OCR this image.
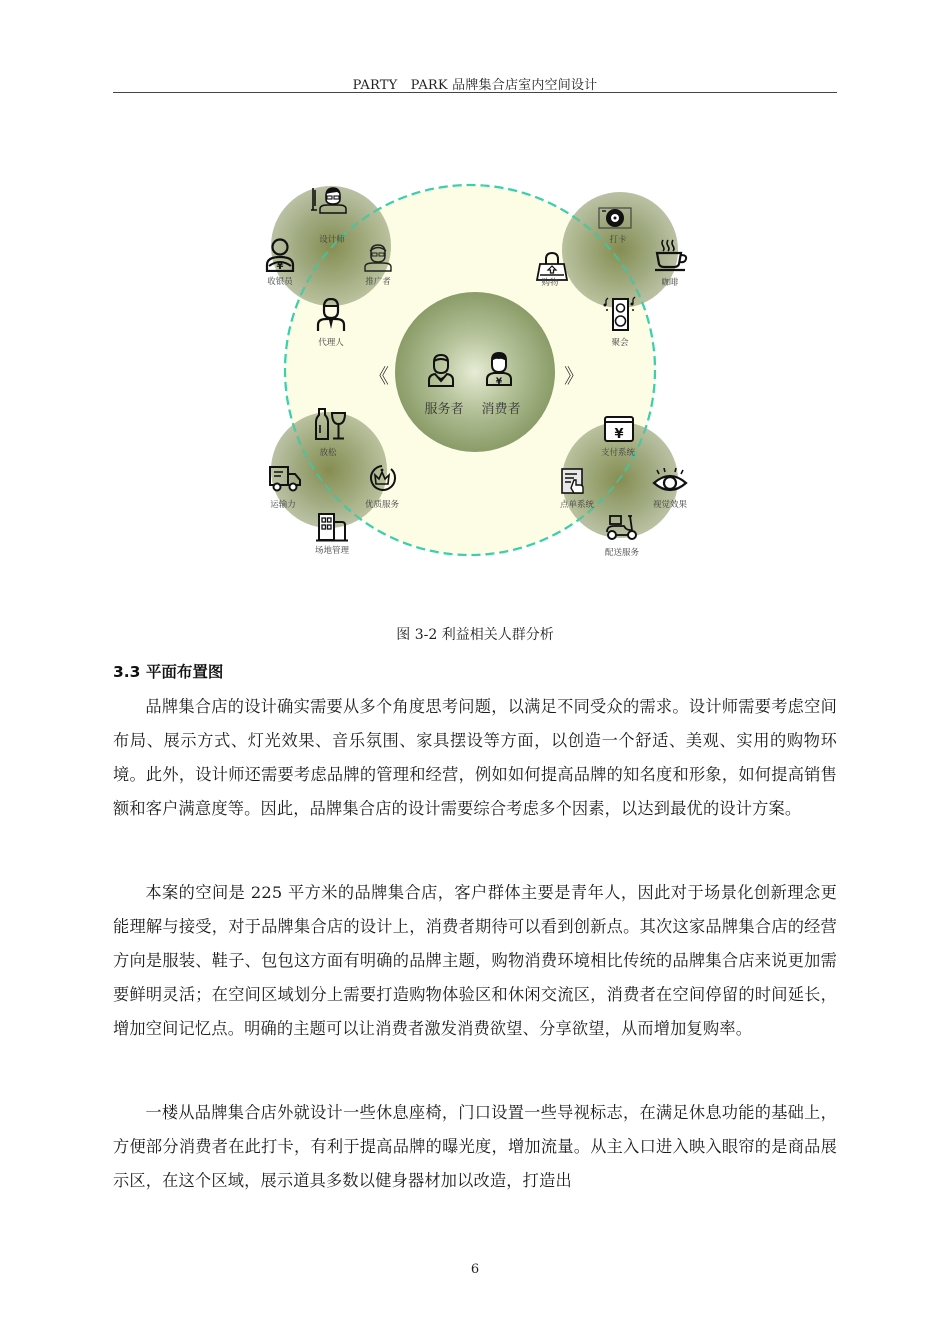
PARTY　PARK 品牌集合店室内空间设计
¥
服务者 消费者
《	》
设计师
¥
收银员	推广者
代理人
打卡
购物	咖啡
聚会
放松
运输力	优质服务
场地管理
¥
支付系统
点单系统	视觉效果
配送服务
图 3-2 利益相关人群分析
3.3 平面布置图
品牌集合店的设计确实需要从多个角度思考问题，以满足不同受众的需求。设计师需要考虑空间布局、展示方式、灯光效果、音乐氛围、家具摆设等方面，以创造一个舒适、美观、实用的购物环境。此外，设计师还需要考虑品牌的管理和经营，例如如何提高品牌的知名度和形象，如何提高销售额和客户满意度等。因此，品牌集合店的设计需要综合考虑多个因素，以达到最优的设计方案。
本案的空间是 225 平方米的品牌集合店，客户群体主要是青年人，因此对于场景化创新理念更能理解与接受，对于品牌集合店的设计上，消费者期待可以看到创新点。其次这家品牌集合店的经营方向是服装、鞋子、包包这方面有明确的品牌主题，购物消费环境相比传统的品牌集合店来说更加需要鲜明灵活；在空间区域划分上需要打造购物体验区和休闲交流区，消费者在空间停留的时间延长，增加空间记忆点。明确的主题可以让消费者激发消费欲望、分享欲望，从而增加复购率。
一楼从品牌集合店外就设计一些休息座椅，门口设置一些导视标志，在满足休息功能的基础上，方便部分消费者在此打卡，有利于提高品牌的曝光度，增加流量。从主入口进入映入眼帘的是商品展示区，在这个区域，展示道具多数以健身器材加以改造，打造出
6
